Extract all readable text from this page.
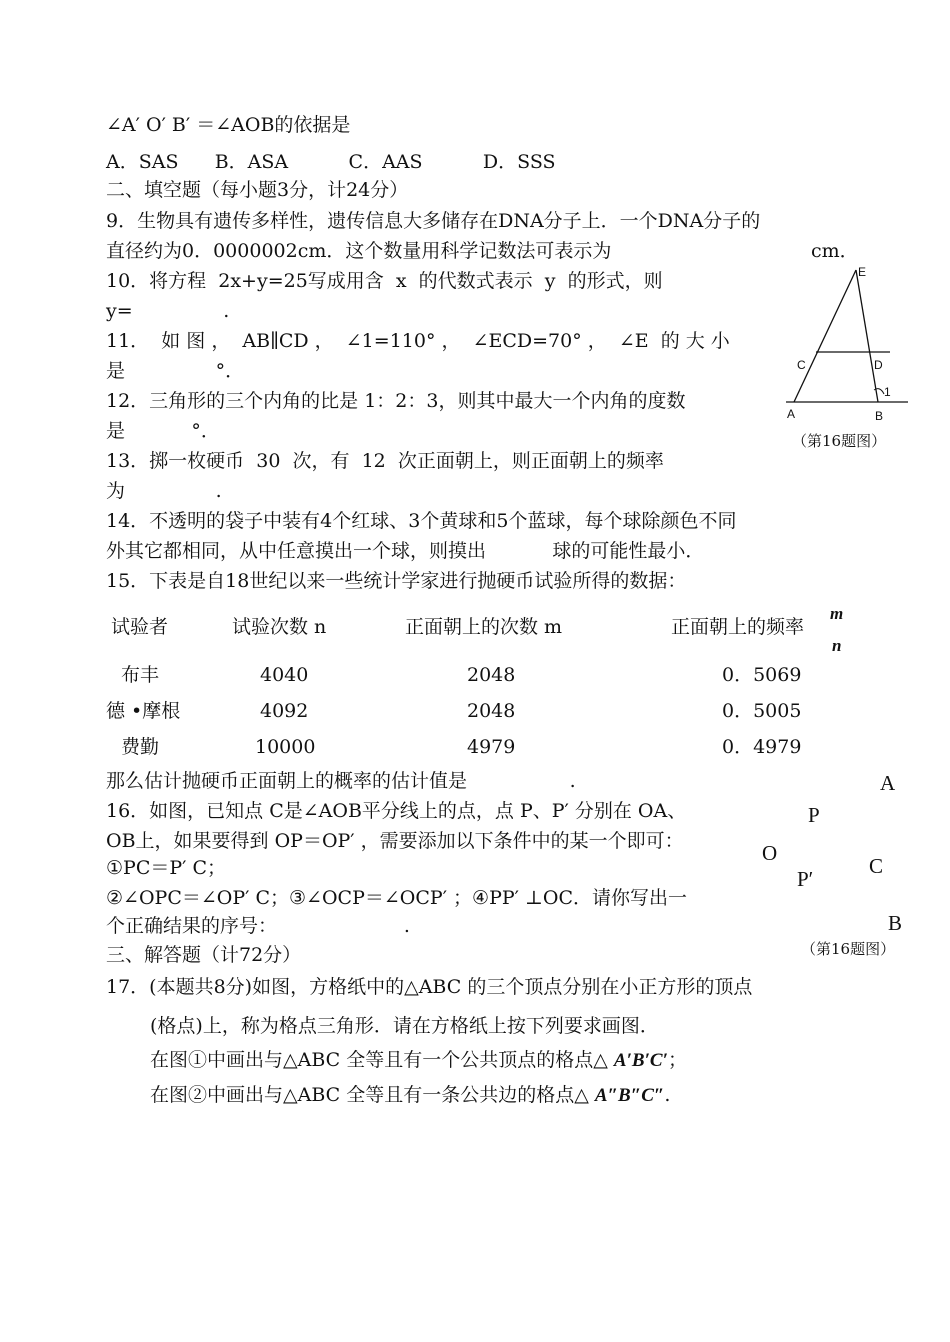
∠A′ O′ B′ ＝∠AOB的依据是
A．SAS      B．ASA          C．AAS          D．SSS
二、填空题（每小题3分，计24分）
9．生物具有遗传多样性，遗传信息大多储存在DNA分子上．一个DNA分子的
直径约为0．0000002cm．这个数量用科学记数法可表示为	cm．
10．将方程  2x+y=25写成用含  x  的代数式表示  y  的形式，则
y=               .
11．  如 图 ，  AB∥CD ，  ∠1=110° ，  ∠ECD=70° ，  ∠E  的 大 小
是               °．
12．三角形的三个内角的比是 1：2：3，则其中最大一个内角的度数
是           °．
13．掷一枚硬币  30  次，有  12  次正面朝上，则正面朝上的频率
为               .
14．不透明的袋子中装有4个红球、3个黄球和5个蓝球，每个球除颜色不同
外其它都相同，从中任意摸出一个球，则摸出           球的可能性最小．
15．下表是自18世纪以来一些统计学家进行抛硬币试验所得的数据：
试验者	试验次数 n	正面朝上的次数 m	正面朝上的频率
m
n
布丰	4040	2048	0．5069
德 •摩根	4092	2048	0．5005
费勤	10000	4979	0．4979
那么估计抛硬币正面朝上的概率的估计值是                 .
16．如图，已知点 C是∠AOB平分线上的点，点 P、P′ 分别在 OA、
OB上，如果要得到 OP＝OP′ ，需要添加以下条件中的某一个即可：
①PC＝P′ C；
②∠OPC＝∠OP′ C；③∠OCP＝∠OCP′ ；④PP′ ⊥OC．请你写出一
个正确结果的序号：                     .
三、解答题（计72分）
17．(本题共8分)如图，方格纸中的△ABC 的三个顶点分别在小正方形的顶点
(格点)上，称为格点三角形．请在方格纸上按下列要求画图．
在图①中画出与△ABC 全等且有一个公共顶点的格点△ A′B′C′；
在图②中画出与△ABC 全等且有一条公共边的格点△ A″B″C″.
E
C	D
A	B
1
（第16题图）
A
P
O
C
P′
B
（第16题图）
